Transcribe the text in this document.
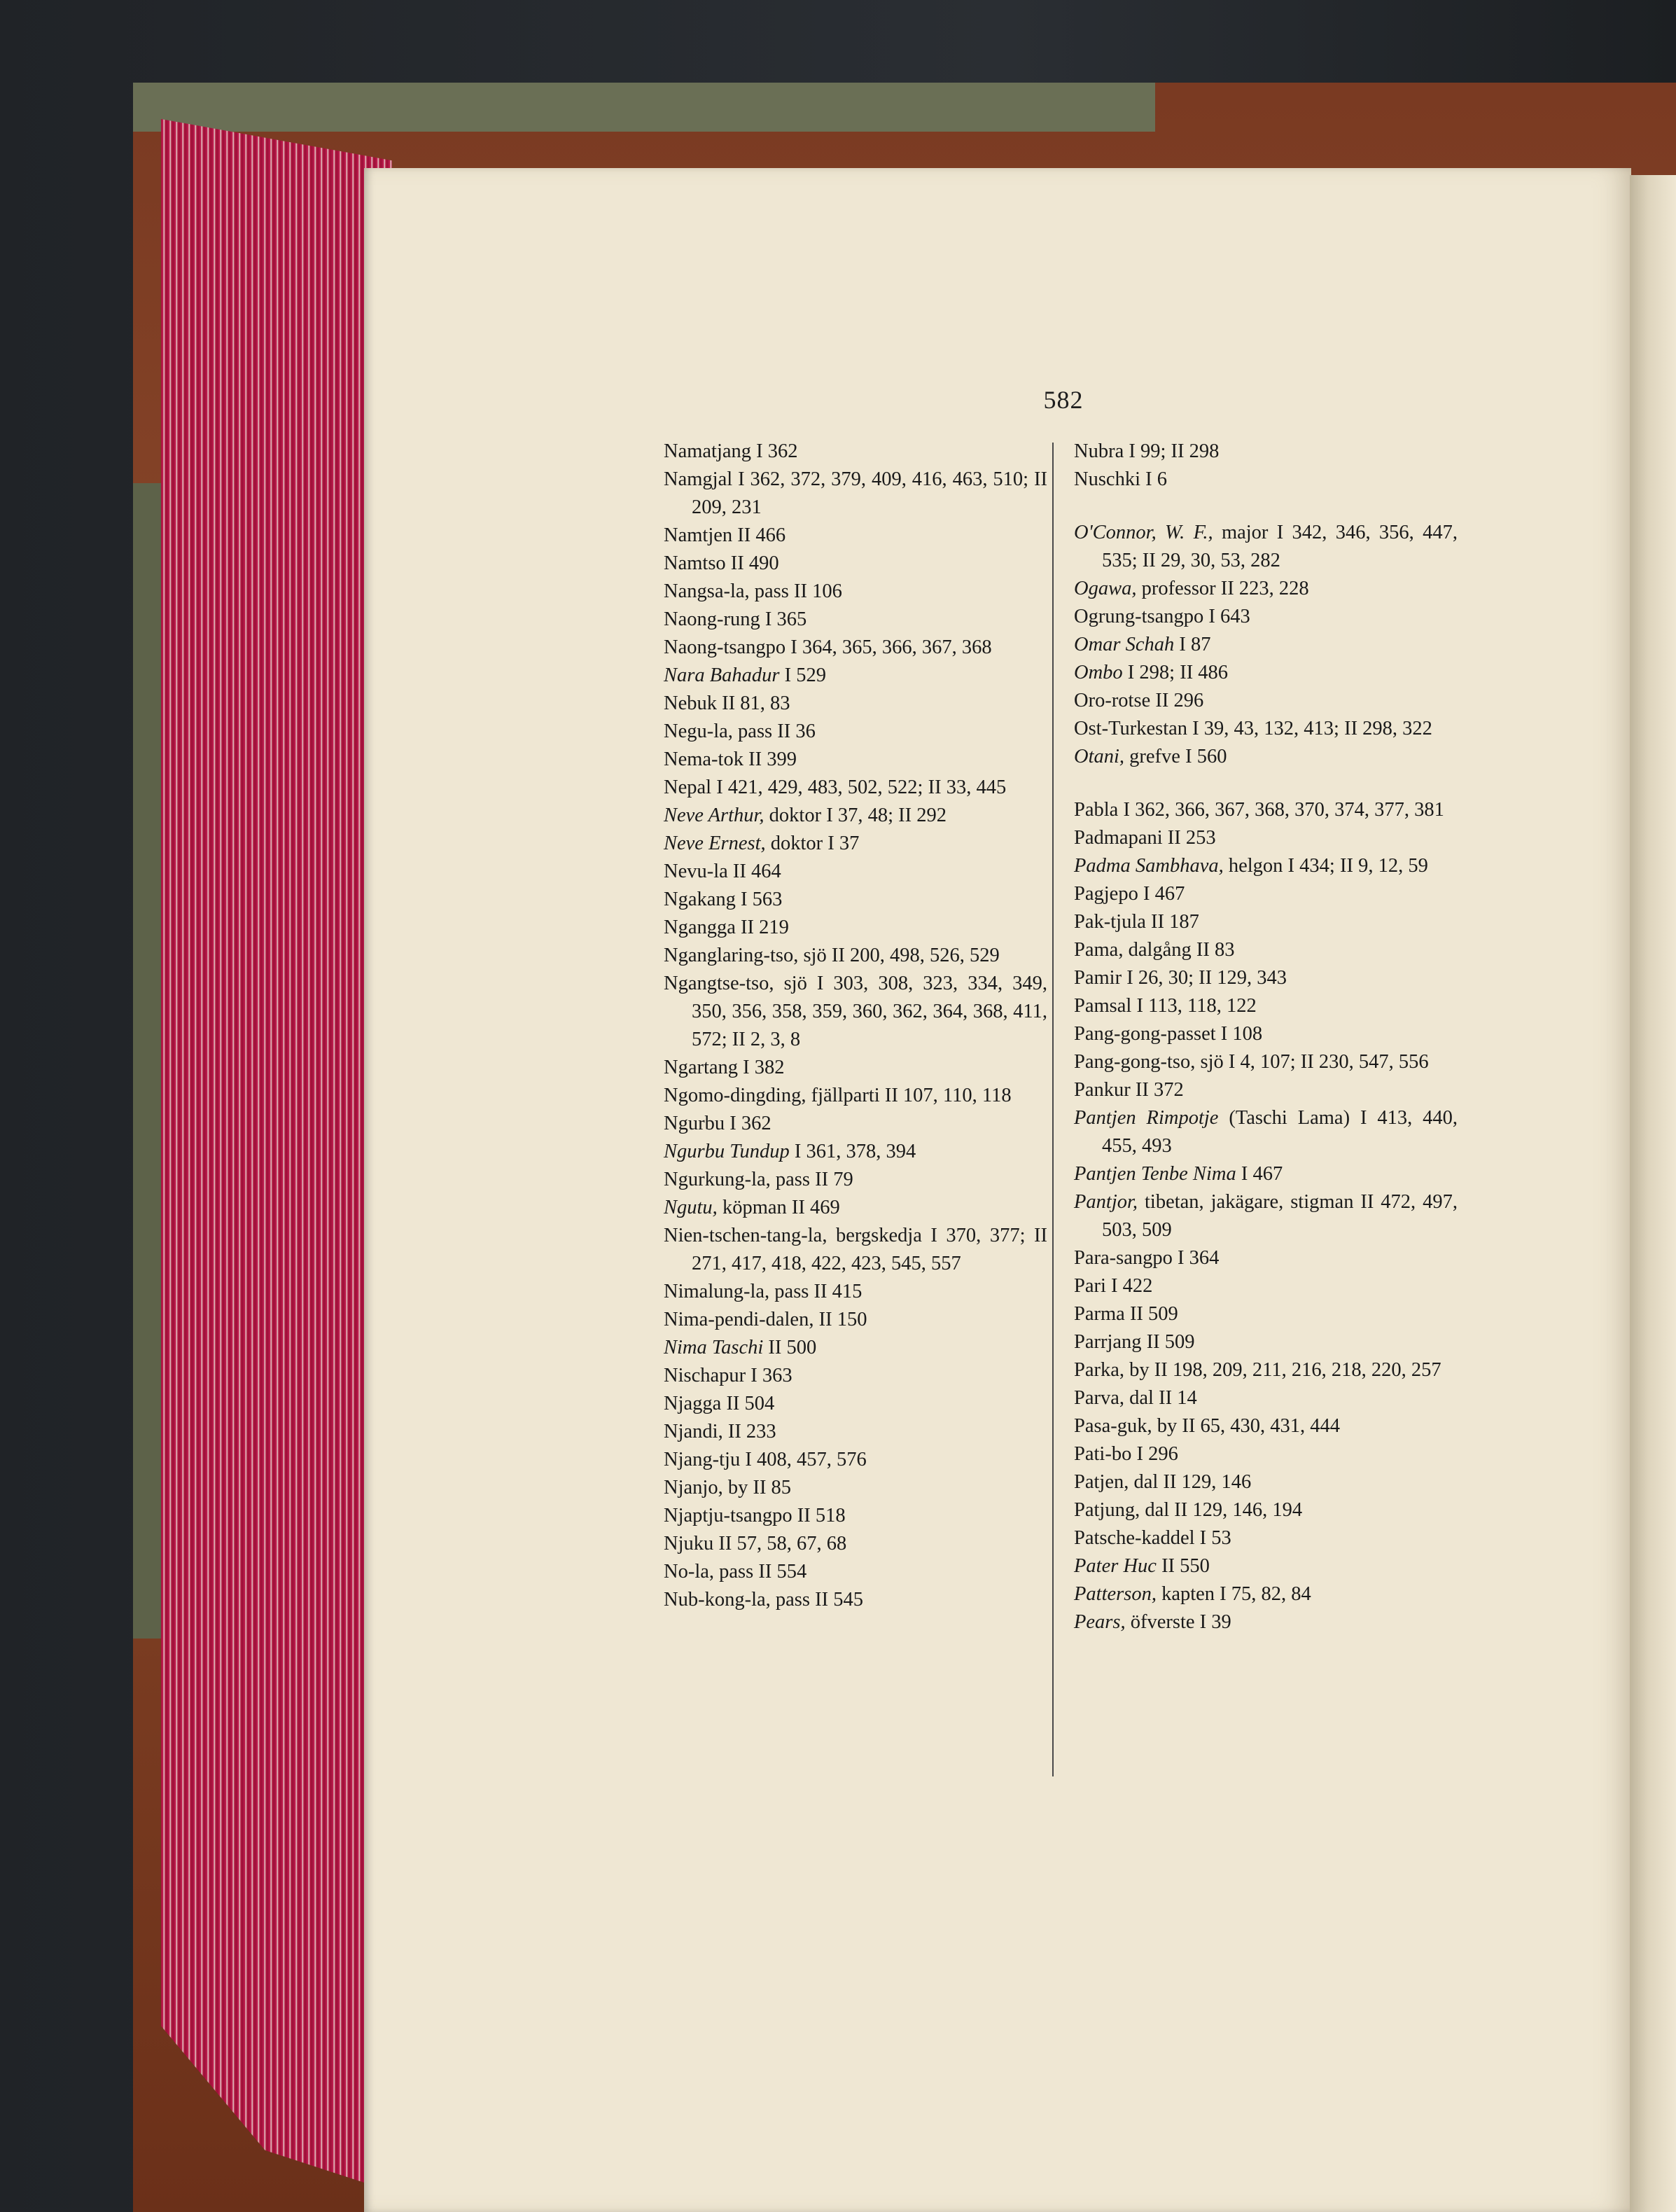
582
Namatjang I 362
Namgjal I 362, 372, 379, 409, 416, 463, 510; II 209, 231
Namtjen II 466
Namtso II 490
Nangsa-la, pass II 106
Naong-rung I 365
Naong-tsangpo I 364, 365, 366, 367, 368
Nara Bahadur I 529
Nebuk II 81, 83
Negu-la, pass II 36
Nema-tok II 399
Nepal I 421, 429, 483, 502, 522; II 33, 445
Neve Arthur, doktor I 37, 48; II 292
Neve Ernest, doktor I 37
Nevu-la II 464
Ngakang I 563
Ngangga II 219
Nganglaring-tso, sjö II 200, 498, 526, 529
Ngangtse-tso, sjö I 303, 308, 323, 334, 349, 350, 356, 358, 359, 360, 362, 364, 368, 411, 572; II 2, 3, 8
Ngartang I 382
Ngomo-dingding, fjällparti II 107, 110, 118
Ngurbu I 362
Ngurbu Tundup I 361, 378, 394
Ngurkung-la, pass II 79
Ngutu, köpman II 469
Nien-tschen-tang-la, bergskedja I 370, 377; II 271, 417, 418, 422, 423, 545, 557
Nimalung-la, pass II 415
Nima-pendi-dalen, II 150
Nima Taschi II 500
Nischapur I 363
Njagga II 504
Njandi, II 233
Njang-tju I 408, 457, 576
Njanjo, by II 85
Njaptju-tsangpo II 518
Njuku II 57, 58, 67, 68
No-la, pass II 554
Nub-kong-la, pass II 545
Nubra I 99; II 298
Nuschki I 6
O'Connor, W. F., major I 342, 346, 356, 447, 535; II 29, 30, 53, 282
Ogawa, professor II 223, 228
Ogrung-tsangpo I 643
Omar Schah I 87
Ombo I 298; II 486
Oro-rotse II 296
Ost-Turkestan I 39, 43, 132, 413; II 298, 322
Otani, grefve I 560
Pabla I 362, 366, 367, 368, 370, 374, 377, 381
Padmapani II 253
Padma Sambhava, helgon I 434; II 9, 12, 59
Pagjepo I 467
Pak-tjula II 187
Pama, dalgång II 83
Pamir I 26, 30; II 129, 343
Pamsal I 113, 118, 122
Pang-gong-passet I 108
Pang-gong-tso, sjö I 4, 107; II 230, 547, 556
Pankur II 372
Pantjen Rimpotje (Taschi Lama) I 413, 440, 455, 493
Pantjen Tenbe Nima I 467
Pantjor, tibetan, jakägare, stigman II 472, 497, 503, 509
Para-sangpo I 364
Pari I 422
Parma II 509
Parrjang II 509
Parka, by II 198, 209, 211, 216, 218, 220, 257
Parva, dal II 14
Pasa-guk, by II 65, 430, 431, 444
Pati-bo I 296
Patjen, dal II 129, 146
Patjung, dal II 129, 146, 194
Patsche-kaddel I 53
Pater Huc II 550
Patterson, kapten I 75, 82, 84
Pears, öfverste I 39
